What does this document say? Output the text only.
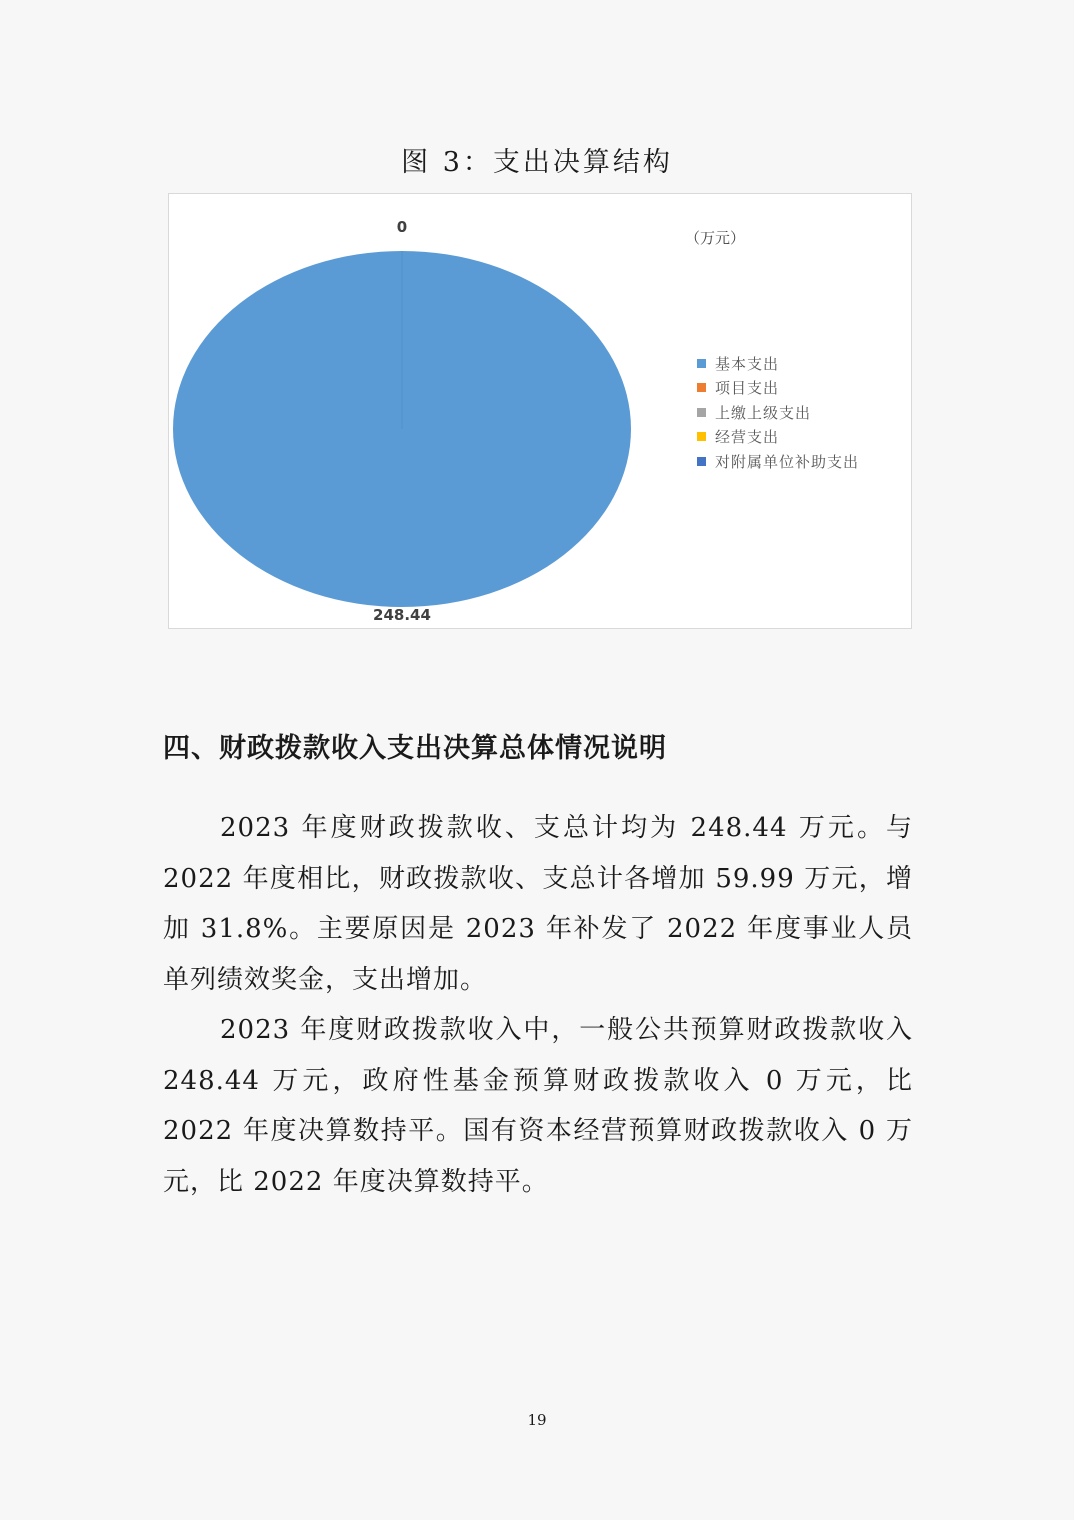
图 3：支出决算结构
248.44
0
（万元）
基本支出
项目支出
上缴上级支出
经营支出
对附属单位补助支出
四、财政拨款收入支出决算总体情况说明

2023 年度财政拨款收、支总计均为 248.44 万元。与 2022 年度相比，财政拨款收、支总计各增加 59.99 万元，增加 31.8%。主要原因是 2023 年补发了 2022 年度事业人员单列绩效奖金，支出增加。

2023 年度财政拨款收入中，一般公共预算财政拨款收入 248.44 万元，政府性基金预算财政拨款收入 0 万元，比 2022 年度决算数持平。国有资本经营预算财政拨款收入 0 万元，比 2022 年度决算数持平。

19
